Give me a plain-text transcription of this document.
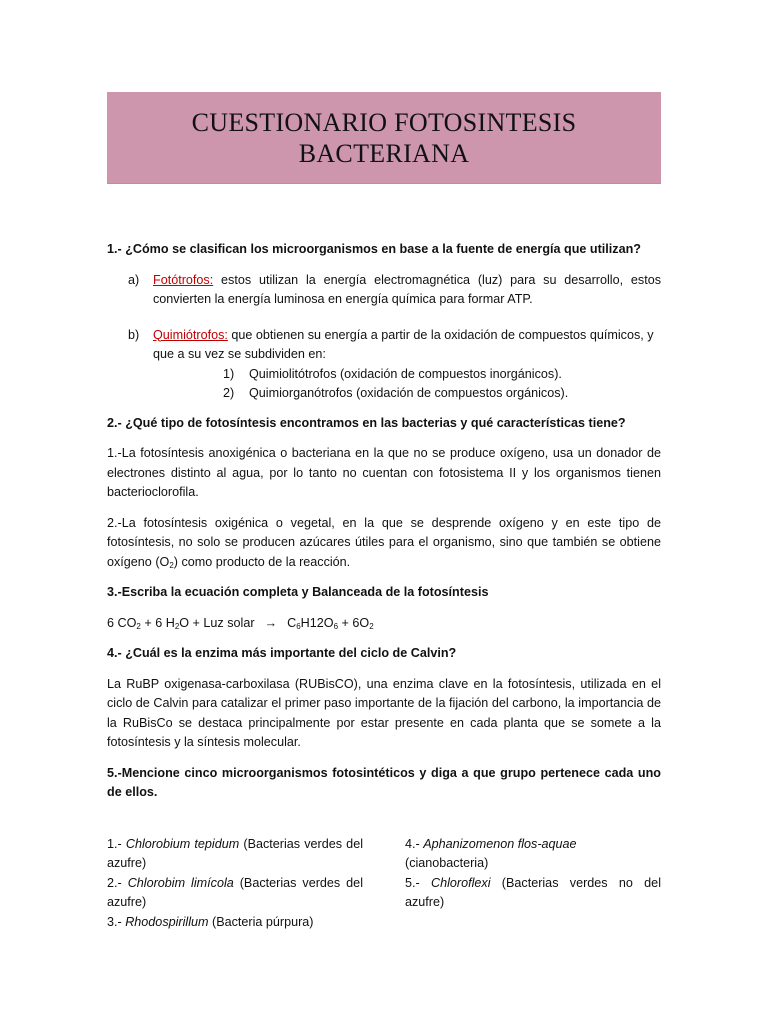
CUESTIONARIO FOTOSINTESIS
BACTERIANA

1.- ¿Cómo se clasifican los microorganismos en base a la fuente de energía que utilizan?

a)	Fotótrofos: estos utilizan la energía electromagnética (luz) para su desarrollo, estos convierten la energía luminosa en energía química para formar ATP.

b)	Quimiótrofos: que obtienen su energía a partir de la oxidación de compuestos químicos, y que a su vez se subdividen en:

1)	Quimiolitótrofos (oxidación de compuestos inorgánicos).
2)	Quimiorganótrofos (oxidación de compuestos orgánicos).

2.- ¿Qué tipo de fotosíntesis encontramos en las bacterias y qué características tiene?

1.-La fotosíntesis anoxigénica o bacteriana en la que no se produce oxígeno, usa un donador de electrones distinto al agua, por lo tanto no cuentan con fotosistema II y los organismos tienen bacterioclorofila.

2.-La fotosíntesis oxigénica o vegetal, en la que se desprende oxígeno y en este tipo de fotosíntesis, no solo se producen azúcares útiles para el organismo, sino que también se obtiene oxígeno $(O_2)$ como producto de la reacción.

3.-Escriba la ecuación completa y Balanceada de la fotosíntesis

6 $CO_2 + 6$ $H_2O$ + Luz solar → $C_6H12O_6 + 6O_2$

4.- ¿Cuál es la enzima más importante del ciclo de Calvin?

La RuBP oxigenasa-carboxilasa (RUBisCO), una enzima clave en la fotosíntesis, utilizada en el ciclo de Calvin para catalizar el primer paso importante de la fijación del carbono, la importancia de la RuBisCo se destaca principalmente por estar presente en cada planta que se somete a la fotosíntesis y la síntesis molecular.

5.-Mencione cinco microorganismos fotosintéticos y diga a que grupo pertenece cada uno de ellos.

1.- Chlorobium tepidum (Bacterias verdes del azufre)

2.- Chlorobim limícola (Bacterias verdes del azufre)

3.- Rhodospirillum (Bacteria púrpura)

4.- Aphanizomenon flos-aquae (cianobacteria)

5.- Chloroflexi (Bacterias verdes no del azufre)
